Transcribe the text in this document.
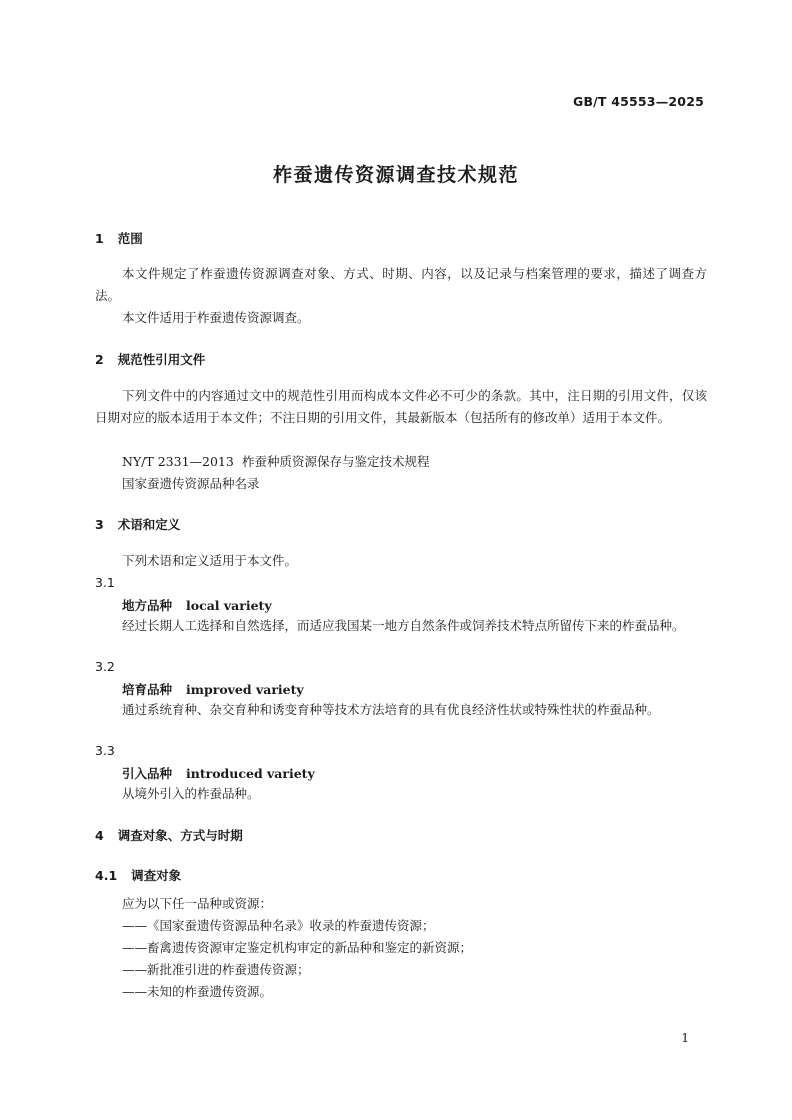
GB/T 45553—2025
柞蚕遗传资源调查技术规范
1 范围
本文件规定了柞蚕遗传资源调查对象、方式、时期、内容，以及记录与档案管理的要求，描述了调查方法。
本文件适用于柞蚕遗传资源调查。
2 规范性引用文件
下列文件中的内容通过文中的规范性引用而构成本文件必不可少的条款。其中，注日期的引用文件，仅该日期对应的版本适用于本文件；不注日期的引用文件，其最新版本（包括所有的修改单）适用于本文件。
NY/T 2331—2013 柞蚕种质资源保存与鉴定技术规程
国家蚕遗传资源品种名录
3 术语和定义
下列术语和定义适用于本文件。
3.1
地方品种 local variety
经过长期人工选择和自然选择，而适应我国某一地方自然条件或饲养技术特点所留传下来的柞蚕品种。
3.2
培育品种 improved variety
通过系统育种、杂交育种和诱变育种等技术方法培育的具有优良经济性状或特殊性状的柞蚕品种。
3.3
引入品种 introduced variety
从境外引入的柞蚕品种。
4 调查对象、方式与时期
4.1 调查对象
应为以下任一品种或资源：
——《国家蚕遗传资源品种名录》收录的柞蚕遗传资源；
——畜禽遗传资源审定鉴定机构审定的新品种和鉴定的新资源；
——新批准引进的柞蚕遗传资源；
——未知的柞蚕遗传资源。
1
